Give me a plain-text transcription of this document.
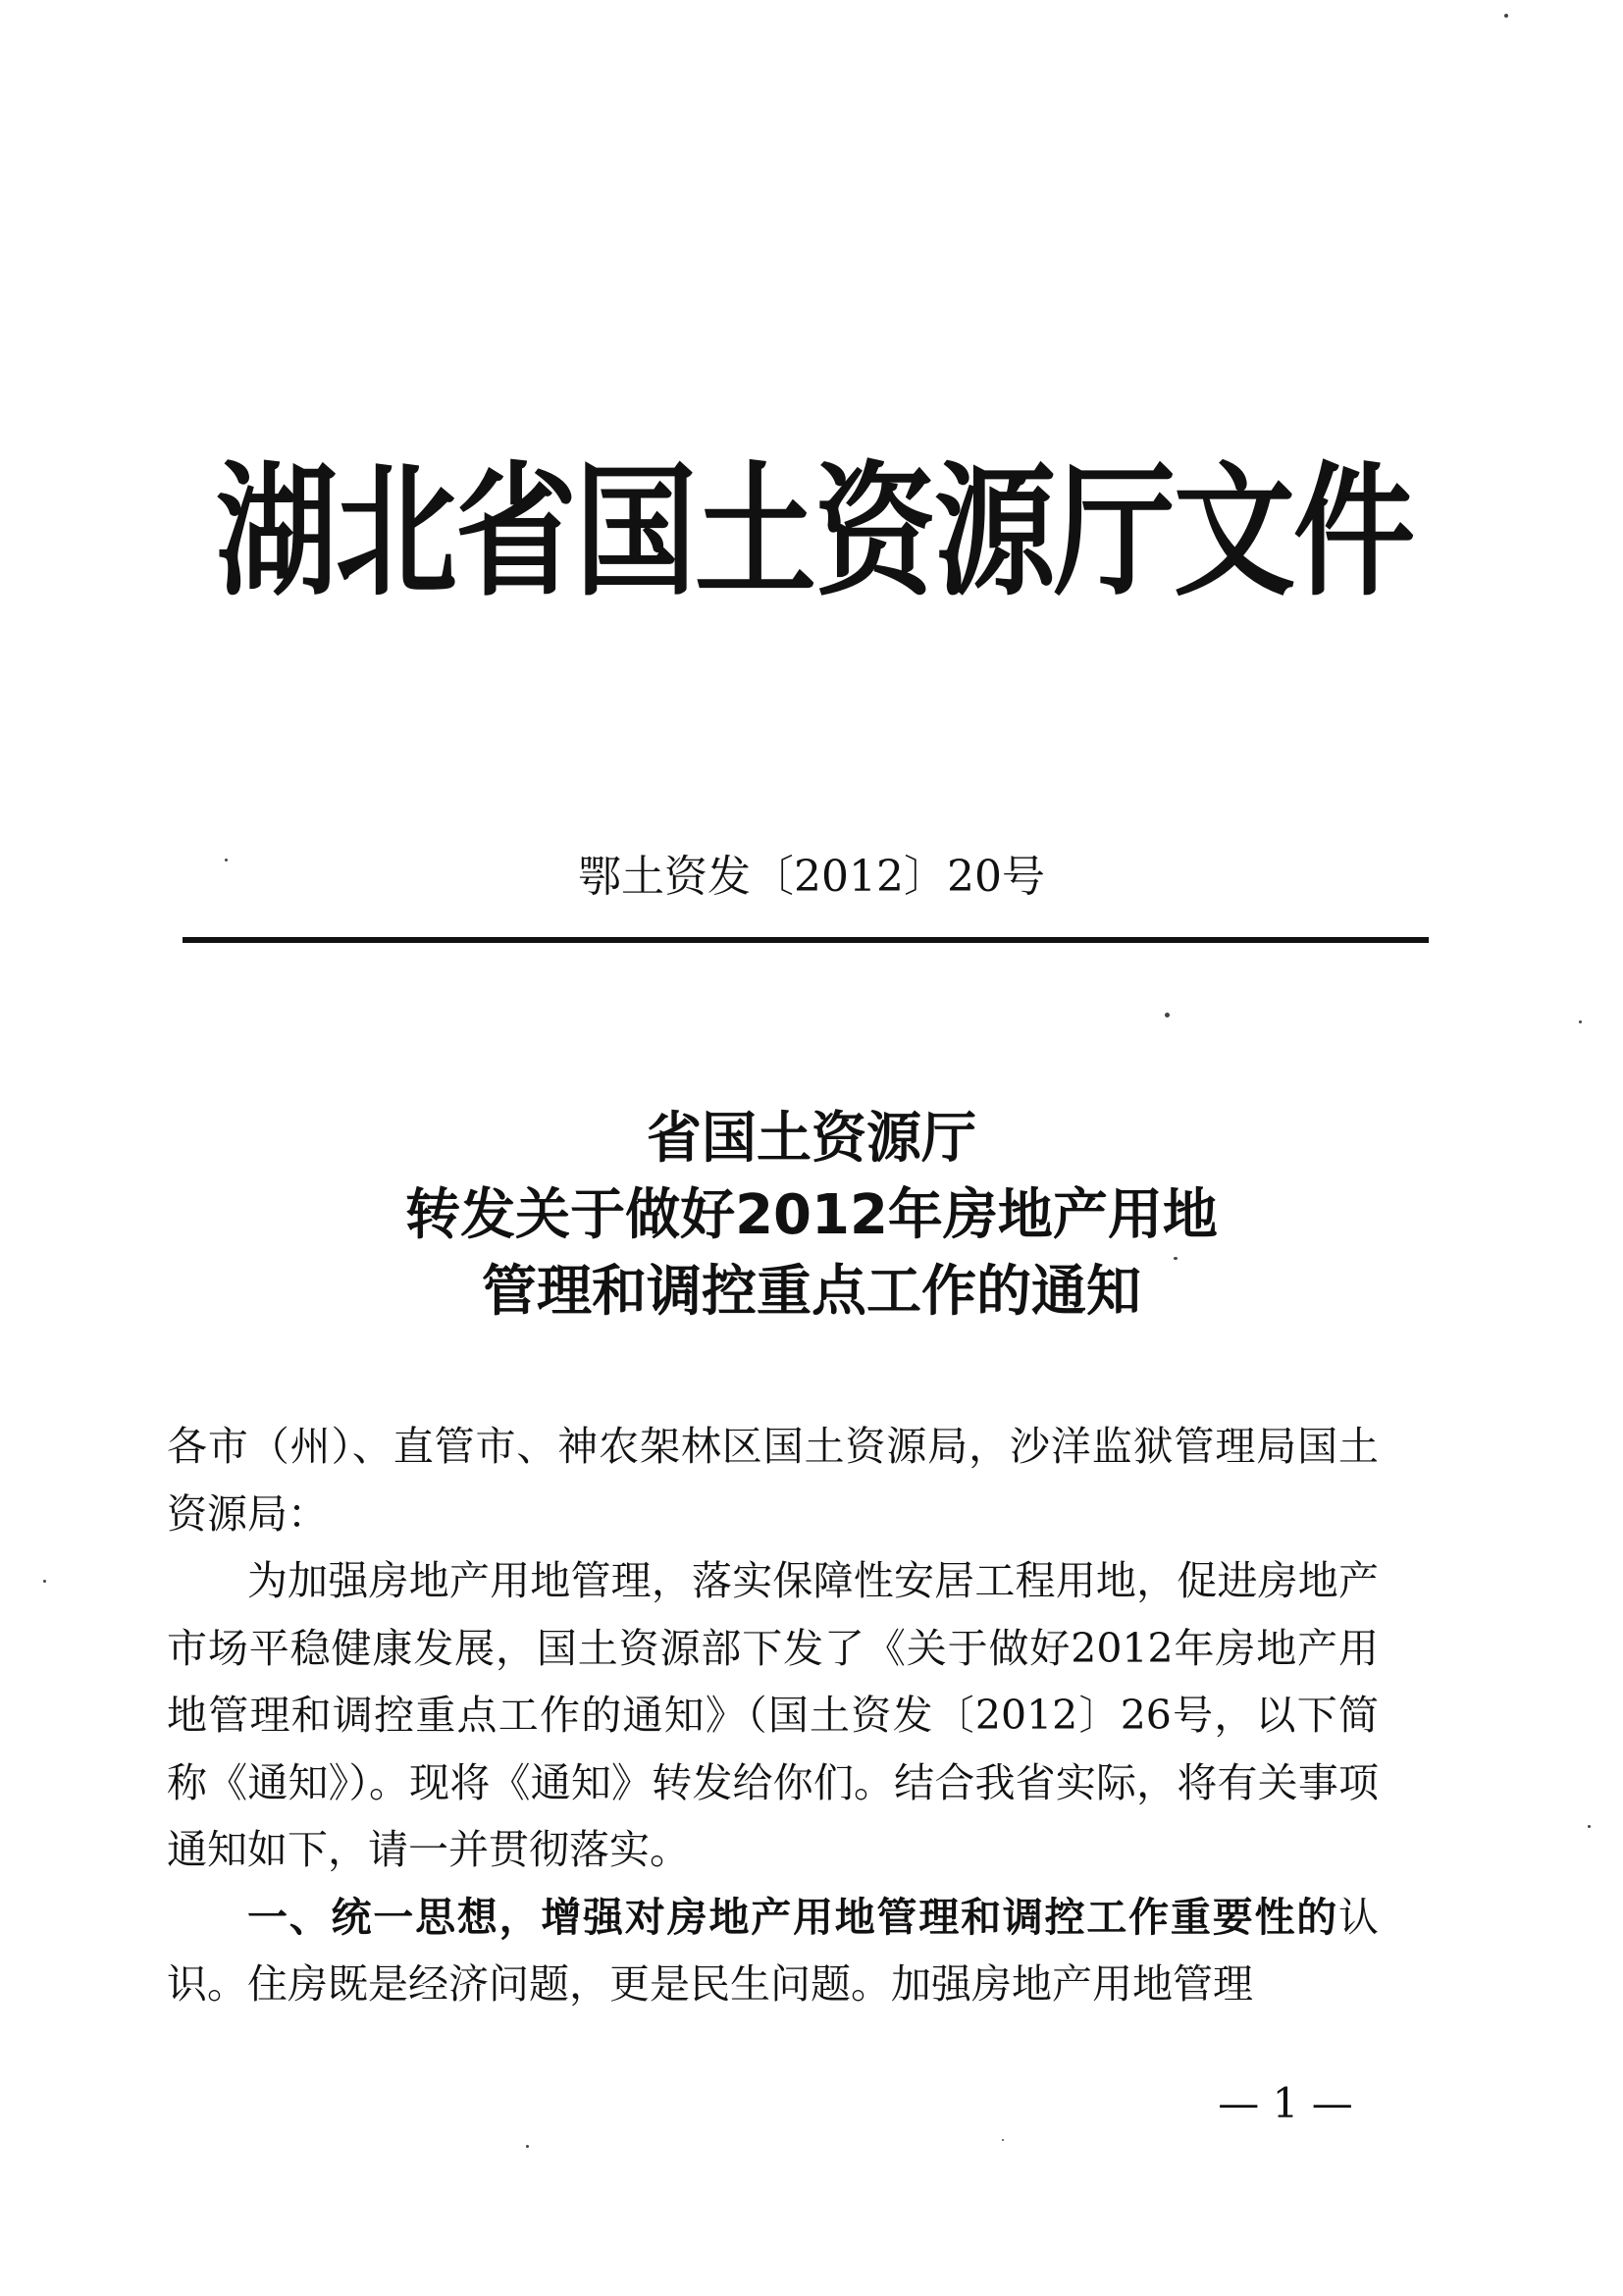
湖北省国土资源厅文件
鄂土资发〔2012〕20号
省国土资源厅
转发关于做好2012年房地产用地
管理和调控重点工作的通知

各市（州）、直管市、神农架林区国土资源局，沙洋监狱管理局国土资源局：

为加强房地产用地管理，落实保障性安居工程用地，促进房地产市场平稳健康发展，国土资源部下发了《关于做好2012年房地产用地管理和调控重点工作的通知》（国土资发〔2012〕26号，以下简称《通知》）。现将《通知》转发给你们。结合我省实际，将有关事项通知如下，请一并贯彻落实。

一、统一思想，增强对房地产用地管理和调控工作重要性的认识。住房既是经济问题，更是民生问题。加强房地产用地管理

— 1 —
